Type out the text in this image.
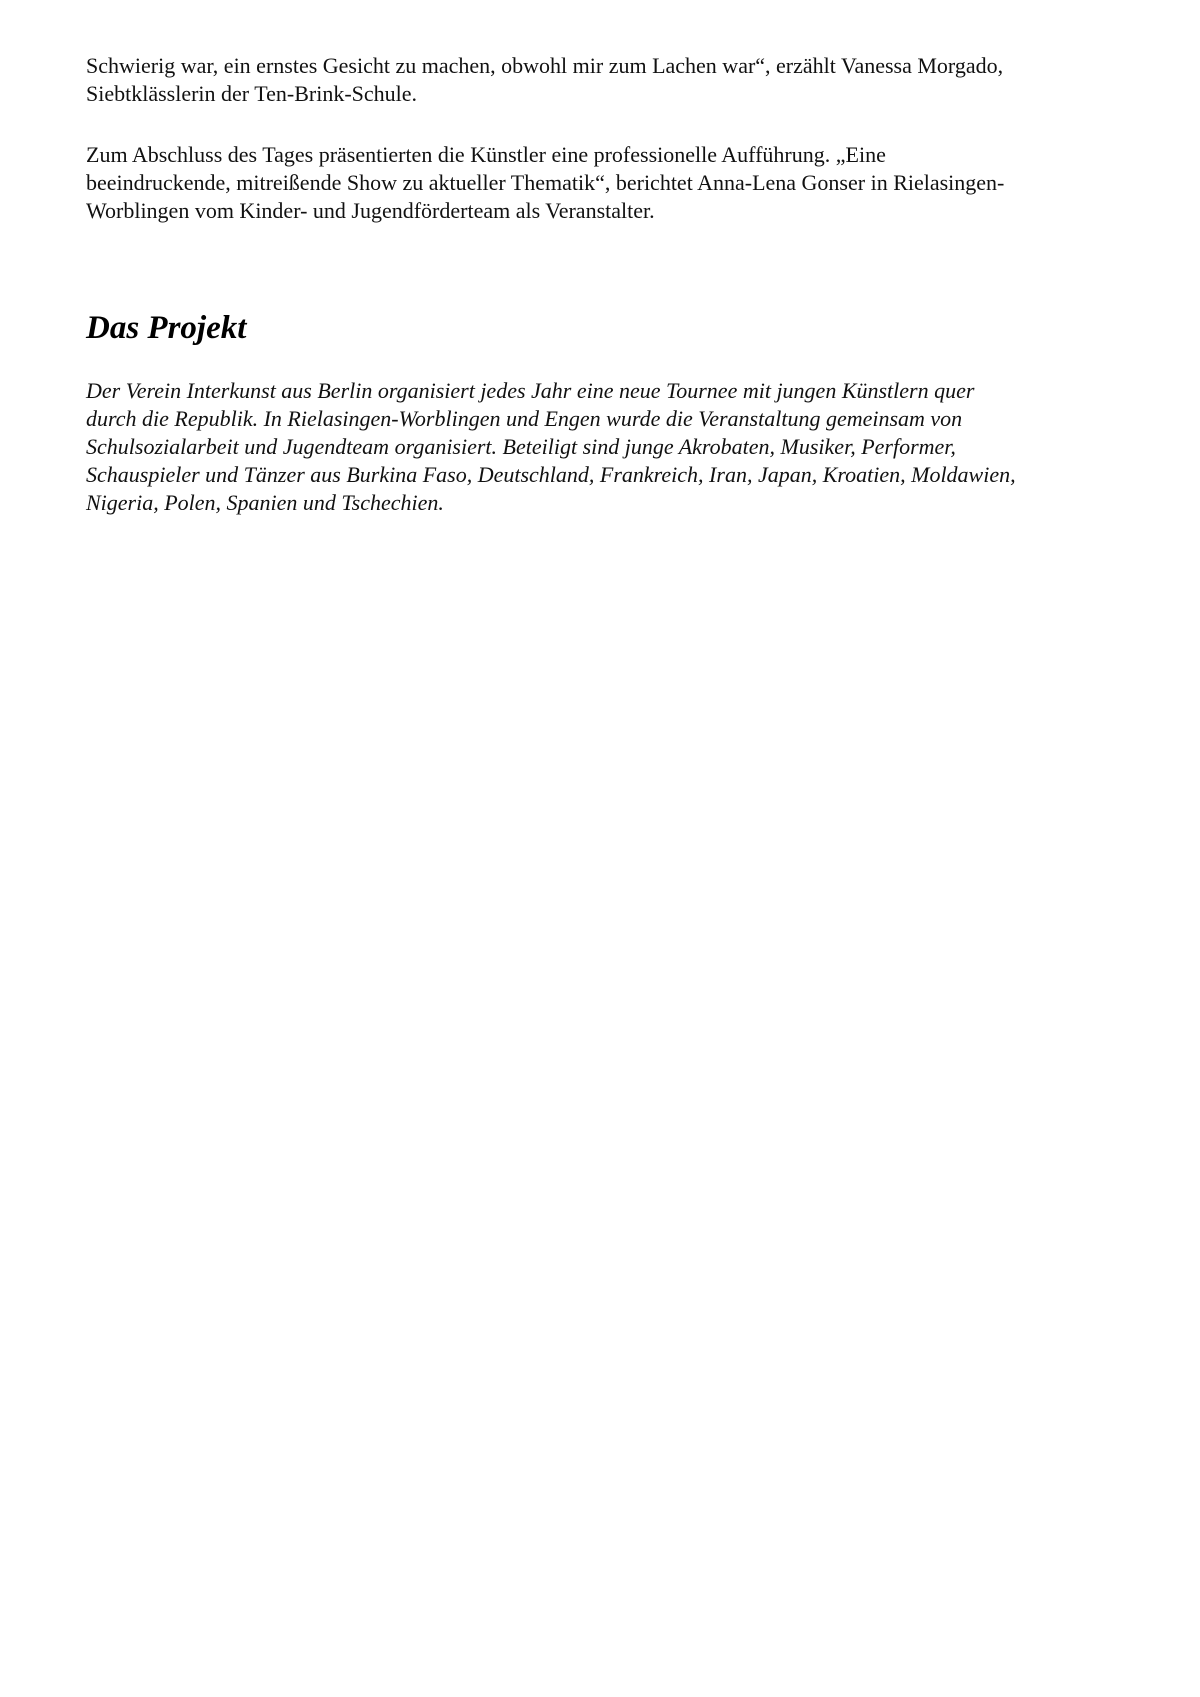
Schwierig war, ein ernstes Gesicht zu machen, obwohl mir zum Lachen war“, erzählt Vanessa Morgado,
Siebtklässlerin der Ten-Brink-Schule.

Zum Abschluss des Tages präsentierten die Künstler eine professionelle Aufführung. „Eine
beeindruckende, mitreißende Show zu aktueller Thematik“, berichtet Anna-Lena Gonser in Rielasingen-
Worblingen vom Kinder- und Jugendförderteam als Veranstalter.

Das Projekt

Der Verein Interkunst aus Berlin organisiert jedes Jahr eine neue Tournee mit jungen Künstlern quer
durch die Republik. In Rielasingen-Worblingen und Engen wurde die Veranstaltung gemeinsam von
Schulsozialarbeit und Jugendteam organisiert. Beteiligt sind junge Akrobaten, Musiker, Performer,
Schauspieler und Tänzer aus Burkina Faso, Deutschland, Frankreich, Iran, Japan, Kroatien, Moldawien,
Nigeria, Polen, Spanien und Tschechien.
